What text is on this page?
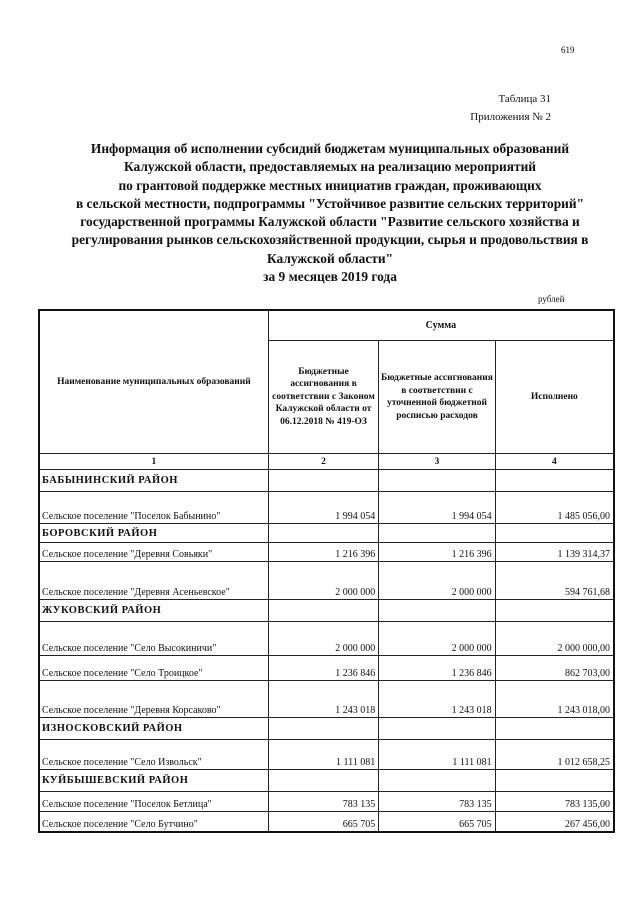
619
Таблица 31
Приложения № 2
Информация об исполнении субсидий бюджетам муниципальных образований
Калужской области, предоставляемых на реализацию мероприятий
по грантовой поддержке местных инициатив граждан, проживающих
в сельской местности, подпрограммы "Устойчивое развитие сельских территорий"
государственной программы Калужской области "Развитие сельского хозяйства и
регулирования рынков сельскохозяйственной продукции, сырья и продовольствия в
Калужской области"
за 9 месяцев 2019 года
рублей
Наименование муниципальных образований	Сумма		
	Бюджетные ассигнования в соответствии с Законом Калужской области от 06.12.2018 № 419-ОЗ	Бюджетные ассигнования в соответствии с уточненной бюджетной росписью расходов	Исполнено
1	2	3	4
БАБЫНИНСКИЙ РАЙОН			
Сельское поселение "Поселок Бабынино"	1 994 054	1 994 054	1 485 056,00
БОРОВСКИЙ РАЙОН			
Сельское поселение "Деревня Совьяки"	1 216 396	1 216 396	1 139 314,37
Сельское поселение "Деревня Асеньевское"	2 000 000	2 000 000	594 761,68
ЖУКОВСКИЙ РАЙОН			
Сельское поселение "Село Высокиничи"	2 000 000	2 000 000	2 000 000,00
Сельское поселение "Село Троицкое"	1 236 846	1 236 846	862 703,00
Сельское поселение "Деревня Корсаково"	1 243 018	1 243 018	1 243 018,00
ИЗНОСКОВСКИЙ РАЙОН			
Сельское поселение "Село Извольск"	1 111 081	1 111 081	1 012 658,25
КУЙБЫШЕВСКИЙ РАЙОН			
Сельское поселение "Поселок Бетлица"	783 135	783 135	783 135,00
Сельское поселение "Село Бутчино"	665 705	665 705	267 456,00
